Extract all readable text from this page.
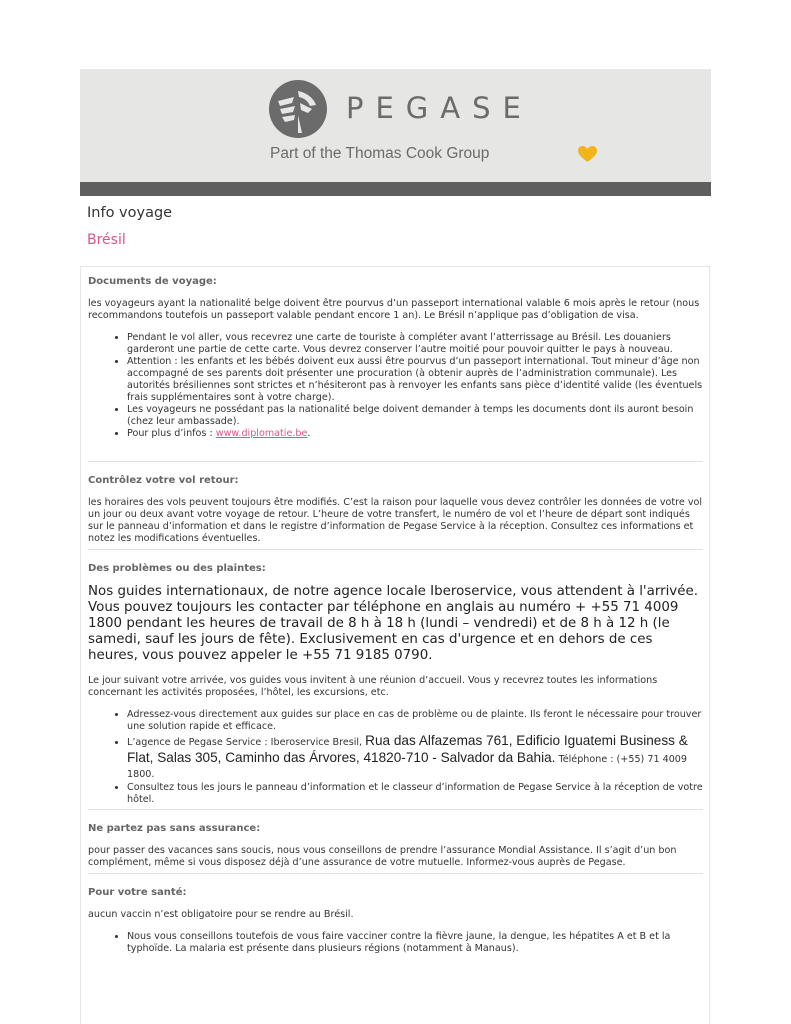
PEGASE
Part of the Thomas Cook Group
Info voyage
Brésil
Documents de voyage:

les voyageurs ayant la nationalité belge doivent être pourvus d’un passeport international valable 6 mois après le retour (nous recommandons toutefois un passeport valable pendant encore 1 an). Le Brésil n’applique pas d’obligation de visa.

• Pendant le vol aller, vous recevrez une carte de touriste à compléter avant l’atterrissage au Brésil. Les douaniers garderont une partie de cette carte. Vous devrez conserver l’autre moitié pour pouvoir quitter le pays à nouveau.
• Attention : les enfants et les bébés doivent eux aussi être pourvus d’un passeport international. Tout mineur d’âge non accompagné de ses parents doit présenter une procuration (à obtenir auprès de l’administration communale). Les autorités brésiliennes sont strictes et n’hésiteront pas à renvoyer les enfants sans pièce d’identité valide (les éventuels frais supplémentaires sont à votre charge).
• Les voyageurs ne possédant pas la nationalité belge doivent demander à temps les documents dont ils auront besoin (chez leur ambassade).
• Pour plus d’infos : www.diplomatie.be.
Contrôlez votre vol retour:

les horaires des vols peuvent toujours être modifiés. C’est la raison pour laquelle vous devez contrôler les données de votre vol un jour ou deux avant votre voyage de retour. L’heure de votre transfert, le numéro de vol et l’heure de départ sont indiqués sur le panneau d’information et dans le registre d’information de Pegase Service à la réception. Consultez ces informations et notez les modifications éventuelles.

Des problèmes ou des plaintes:

Nos guides internationaux, de notre agence locale Iberoservice, vous attendent à l'arrivée. Vous pouvez toujours les contacter par téléphone en anglais au numéro + +55 71 4009 1800 pendant les heures de travail de 8 h à 18 h (lundi – vendredi) et de 8 h à 12 h (le samedi, sauf les jours de fête). Exclusivement en cas d'urgence et en dehors de ces heures, vous pouvez appeler le +55 71 9185 0790.

Le jour suivant votre arrivée, vos guides vous invitent à une réunion d’accueil. Vous y recevrez toutes les informations concernant les activités proposées, l’hôtel, les excursions, etc.

• Adressez-vous directement aux guides sur place en cas de problème ou de plainte. Ils feront le nécessaire pour trouver une solution rapide et efficace.
• L’agence de Pegase Service : Iberoservice Bresil, Rua das Alfazemas 761, Edificio Iguatemi Business & Flat, Salas 305, Caminho das Árvores, 41820-710 - Salvador da Bahia. Téléphone : (+55) 71 4009 1800.
• Consultez tous les jours le panneau d’information et le classeur d’information de Pegase Service à la réception de votre hôtel.
Ne partez pas sans assurance:

pour passer des vacances sans soucis, nous vous conseillons de prendre l’assurance Mondial Assistance. Il s’agit d’un bon complément, même si vous disposez déjà d’une assurance de votre mutuelle. Informez-vous auprès de Pegase.

Pour votre santé:

aucun vaccin n’est obligatoire pour se rendre au Brésil.

• Nous vous conseillons toutefois de vous faire vacciner contre la fièvre jaune, la dengue, les hépatites A et B et la typhoïde. La malaria est présente dans plusieurs régions (notamment à Manaus).
